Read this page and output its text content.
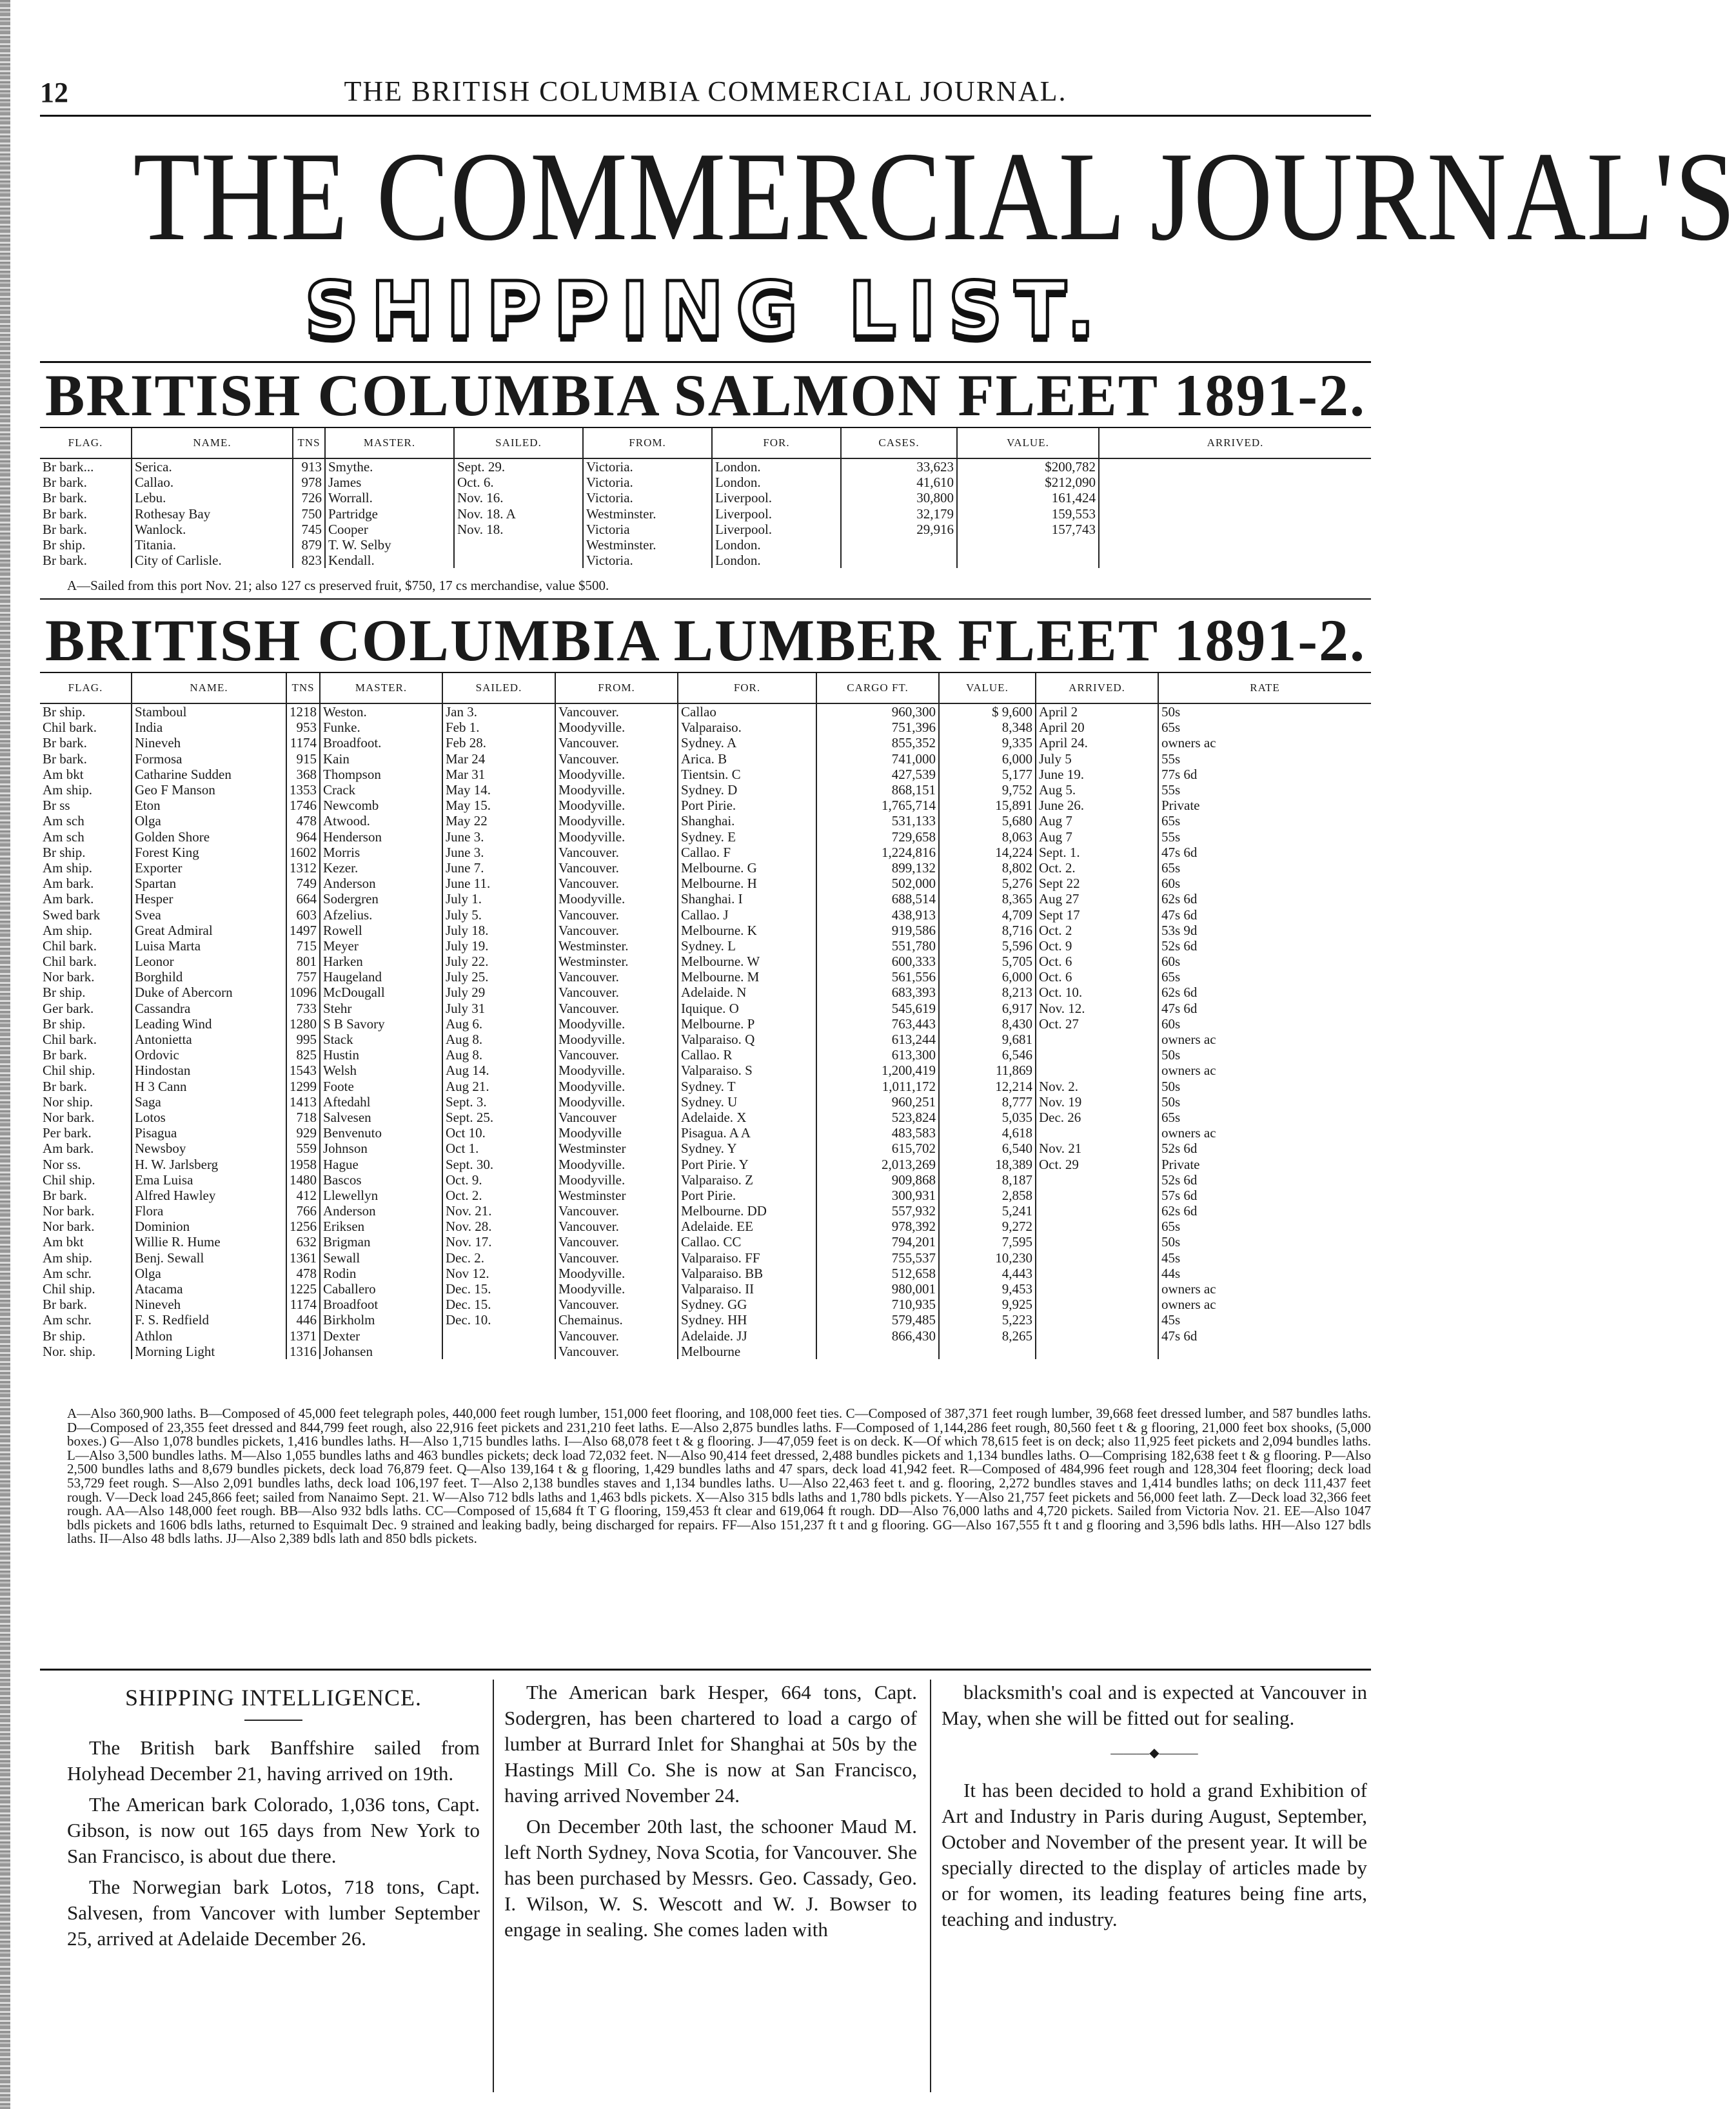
12	THE BRITISH COLUMBIA COMMERCIAL JOURNAL.
THE COMMERCIAL JOURNAL'S
SHIPPING LIST.
BRITISH COLUMBIA SALMON FLEET 1891-2.
FLAG.	NAME.	TNS	MASTER.	SAILED.	FROM.	FOR.	CASES.	VALUE.	ARRIVED.
Br bark...	Serica.	913	Smythe.	Sept. 29.	Victoria.	London.	33,623	$200,782	
Br bark.	Callao.	978	James	Oct. 6.	Victoria.	London.	41,610	$212,090	
Br bark.	Lebu.	726	Worrall.	Nov. 16.	Victoria.	Liverpool.	30,800	161,424	
Br bark.	Rothesay Bay	750	Partridge	Nov. 18. A	Westminster.	Liverpool.	32,179	159,553	
Br bark.	Wanlock.	745	Cooper	Nov. 18.	Victoria	Liverpool.	29,916	157,743	
Br ship.	Titania.	879	T. W. Selby		Westminster.	London.			
Br bark.	City of Carlisle.	823	Kendall.		Victoria.	London.			
A—Sailed from this port Nov. 21; also 127 cs preserved fruit, $750, 17 cs merchandise, value $500.
BRITISH COLUMBIA LUMBER FLEET 1891-2.
FLAG.	NAME.	TNS	MASTER.	SAILED.	FROM.	FOR.	CARGO FT.	VALUE.	ARRIVED.	RATE
Br ship.	Stamboul	1218	Weston.	Jan 3.	Vancouver.	Callao	960,300	$ 9,600	April 2	50s
Chil bark.	India	953	Funke.	Feb 1.	Moodyville.	Valparaiso.	751,396	8,348	April 20	65s
Br bark.	Nineveh	1174	Broadfoot.	Feb 28.	Vancouver.	Sydney. A	855,352	9,335	April 24.	owners ac
Br bark.	Formosa	915	Kain	Mar 24	Vancouver.	Arica. B	741,000	6,000	July 5	55s
Am bkt	Catharine Sudden	368	Thompson	Mar 31	Moodyville.	Tientsin. C	427,539	5,177	June 19.	77s 6d
Am ship.	Geo F Manson	1353	Crack	May 14.	Moodyville.	Sydney. D	868,151	9,752	Aug 5.	55s
Br ss	Eton	1746	Newcomb	May 15.	Moodyville.	Port Pirie.	1,765,714	15,891	June 26.	Private
Am sch	Olga	478	Atwood.	May 22	Moodyville.	Shanghai.	531,133	5,680	Aug 7	65s
Am sch	Golden Shore	964	Henderson	June 3.	Moodyville.	Sydney. E	729,658	8,063	Aug 7	55s
Br ship.	Forest King	1602	Morris	June 3.	Vancouver.	Callao. F	1,224,816	14,224	Sept. 1.	47s 6d
Am ship.	Exporter	1312	Kezer.	June 7.	Vancouver.	Melbourne. G	899,132	8,802	Oct. 2.	65s
Am bark.	Spartan	749	Anderson	June 11.	Vancouver.	Melbourne. H	502,000	5,276	Sept 22	60s
Am bark.	Hesper	664	Sodergren	July 1.	Moodyville.	Shanghai. I	688,514	8,365	Aug 27	62s 6d
Swed bark	Svea	603	Afzelius.	July 5.	Vancouver.	Callao. J	438,913	4,709	Sept 17	47s 6d
Am ship.	Great Admiral	1497	Rowell	July 18.	Vancouver.	Melbourne. K	919,586	8,716	Oct. 2	53s 9d
Chil bark.	Luisa Marta	715	Meyer	July 19.	Westminster.	Sydney. L	551,780	5,596	Oct. 9	52s 6d
Chil bark.	Leonor	801	Harken	July 22.	Westminster.	Melbourne. W	600,333	5,705	Oct. 6	60s
Nor bark.	Borghild	757	Haugeland	July 25.	Vancouver.	Melbourne. M	561,556	6,000	Oct. 6	65s
Br ship.	Duke of Abercorn	1096	McDougall	July 29	Vancouver.	Adelaide. N	683,393	8,213	Oct. 10.	62s 6d
Ger bark.	Cassandra	733	Stehr	July 31	Vancouver.	Iquique. O	545,619	6,917	Nov. 12.	47s 6d
Br ship.	Leading Wind	1280	S B Savory	Aug 6.	Moodyville.	Melbourne. P	763,443	8,430	Oct. 27	60s
Chil bark.	Antonietta	995	Stack	Aug 8.	Moodyville.	Valparaiso. Q	613,244	9,681		owners ac
Br bark.	Ordovic	825	Hustin	Aug 8.	Vancouver.	Callao. R	613,300	6,546		50s
Chil ship.	Hindostan	1543	Welsh	Aug 14.	Moodyville.	Valparaiso. S	1,200,419	11,869		owners ac
Br bark.	H 3 Cann	1299	Foote	Aug 21.	Moodyville.	Sydney. T	1,011,172	12,214	Nov. 2.	50s
Nor ship.	Saga	1413	Aftedahl	Sept. 3.	Moodyville.	Sydney. U	960,251	8,777	Nov. 19	50s
Nor bark.	Lotos	718	Salvesen	Sept. 25.	Vancouver	Adelaide. X	523,824	5,035	Dec. 26	65s
Per bark.	Pisagua	929	Benvenuto	Oct 10.	Moodyville	Pisagua. A A	483,583	4,618		owners ac
Am bark.	Newsboy	559	Johnson	Oct 1.	Westminster	Sydney. Y	615,702	6,540	Nov. 21	52s 6d
Nor ss.	H. W. Jarlsberg	1958	Hague	Sept. 30.	Moodyville.	Port Pirie. Y	2,013,269	18,389	Oct. 29	Private
Chil ship.	Ema Luisa	1480	Bascos	Oct. 9.	Moodyville.	Valparaiso. Z	909,868	8,187		52s 6d
Br bark.	Alfred Hawley	412	Llewellyn	Oct. 2.	Westminster	Port Pirie.	300,931	2,858		57s 6d
Nor bark.	Flora	766	Anderson	Nov. 21.	Vancouver.	Melbourne. DD	557,932	5,241		62s 6d
Nor bark.	Dominion	1256	Eriksen	Nov. 28.	Vancouver.	Adelaide. EE	978,392	9,272		65s
Am bkt	Willie R. Hume	632	Brigman	Nov. 17.	Vancouver.	Callao. CC	794,201	7,595		50s
Am ship.	Benj. Sewall	1361	Sewall	Dec. 2.	Vancouver.	Valparaiso. FF	755,537	10,230		45s
Am schr.	Olga	478	Rodin	Nov 12.	Moodyville.	Valparaiso. BB	512,658	4,443		44s
Chil ship.	Atacama	1225	Caballero	Dec. 15.	Moodyville.	Valparaiso. II	980,001	9,453		owners ac
Br bark.	Nineveh	1174	Broadfoot	Dec. 15.	Vancouver.	Sydney. GG	710,935	9,925		owners ac
Am schr.	F. S. Redfield	446	Birkholm	Dec. 10.	Chemainus.	Sydney. HH	579,485	5,223		45s
Br ship.	Athlon	1371	Dexter		Vancouver.	Adelaide. JJ	866,430	8,265		47s 6d
Nor. ship.	Morning Light	1316	Johansen		Vancouver.	Melbourne				
A—Also 360,900 laths. B—Composed of 45,000 feet telegraph poles, 440,000 feet rough lumber, 151,000 feet flooring, and 108,000 feet ties. C—Composed of 387,371 feet rough lumber, 39,668 feet dressed lumber, and 587 bundles laths. D—Composed of 23,355 feet dressed and 844,799 feet rough, also 22,916 feet pickets and 231,210 feet laths. E—Also 2,875 bundles laths. F—Composed of 1,144,286 feet rough, 80,560 feet t & g flooring, 21,000 feet box shooks, (5,000 boxes.) G—Also 1,078 bundles pickets, 1,416 bundles laths. H—Also 1,715 bundles laths. I—Also 68,078 feet t & g flooring. J—47,059 feet is on deck. K—Of which 78,615 feet is on deck; also 11,925 feet pickets and 2,094 bundles laths. L—Also 3,500 bundles laths. M—Also 1,055 bundles laths and 463 bundles pickets; deck load 72,032 feet. N—Also 90,414 feet dressed, 2,488 bundles pickets and 1,134 bundles laths. O—Comprising 182,638 feet t & g flooring. P—Also 2,500 bundles laths and 8,679 bundles pickets, deck load 76,879 feet. Q—Also 139,164 t & g flooring, 1,429 bundles laths and 47 spars, deck load 41,942 feet. R—Composed of 484,996 feet rough and 128,304 feet flooring; deck load 53,729 feet rough. S—Also 2,091 bundles laths, deck load 106,197 feet. T—Also 2,138 bundles staves and 1,134 bundles laths. U—Also 22,463 feet t. and g. flooring, 2,272 bundles staves and 1,414 bundles laths; on deck 111,437 feet rough. V—Deck load 245,866 feet; sailed from Nanaimo Sept. 21. W—Also 712 bdls laths and 1,463 bdls pickets. X—Also 315 bdls laths and 1,780 bdls pickets. Y—Also 21,757 feet pickets and 56,000 feet lath. Z—Deck load 32,366 feet rough. AA—Also 148,000 feet rough. BB—Also 932 bdls laths. CC—Composed of 15,684 ft T G flooring, 159,453 ft clear and 619,064 ft rough. DD—Also 76,000 laths and 4,720 pickets. Sailed from Victoria Nov. 21. EE—Also 1047 bdls pickets and 1606 bdls laths, returned to Esquimalt Dec. 9 strained and leaking badly, being discharged for repairs. FF—Also 151,237 ft t and g flooring. GG—Also 167,555 ft t and g flooring and 3,596 bdls laths. HH—Also 127 bdls laths. II—Also 48 bdls laths. JJ—Also 2,389 bdls lath and 850 bdls pickets.
SHIPPING INTELLIGENCE.

The British bark Banffshire sailed from Holyhead December 21, having arrived on 19th.

The American bark Colorado, 1,036 tons, Capt. Gibson, is now out 165 days from New York to San Francisco, is about due there.

The Norwegian bark Lotos, 718 tons, Capt. Salvesen, from Vancover with lumber September 25, arrived at Adelaide December 26.

The American bark Hesper, 664 tons, Capt. Sodergren, has been chartered to load a cargo of lumber at Burrard Inlet for Shanghai at 50s by the Hastings Mill Co. She is now at San Francisco, having arrived November 24.

On December 20th last, the schooner Maud M. left North Sydney, Nova Scotia, for Vancouver. She has been purchased by Messrs. Geo. Cassady, Geo. I. Wilson, W. S. Wescott and W. J. Bowser to engage in sealing. She comes laden with

blacksmith's coal and is expected at Vancouver in May, when she will be fitted out for sealing.

———◆———

It has been decided to hold a grand Exhibition of Art and Industry in Paris during August, September, October and November of the present year. It will be specially directed to the display of articles made by or for women, its leading features being fine arts, teaching and industry.
